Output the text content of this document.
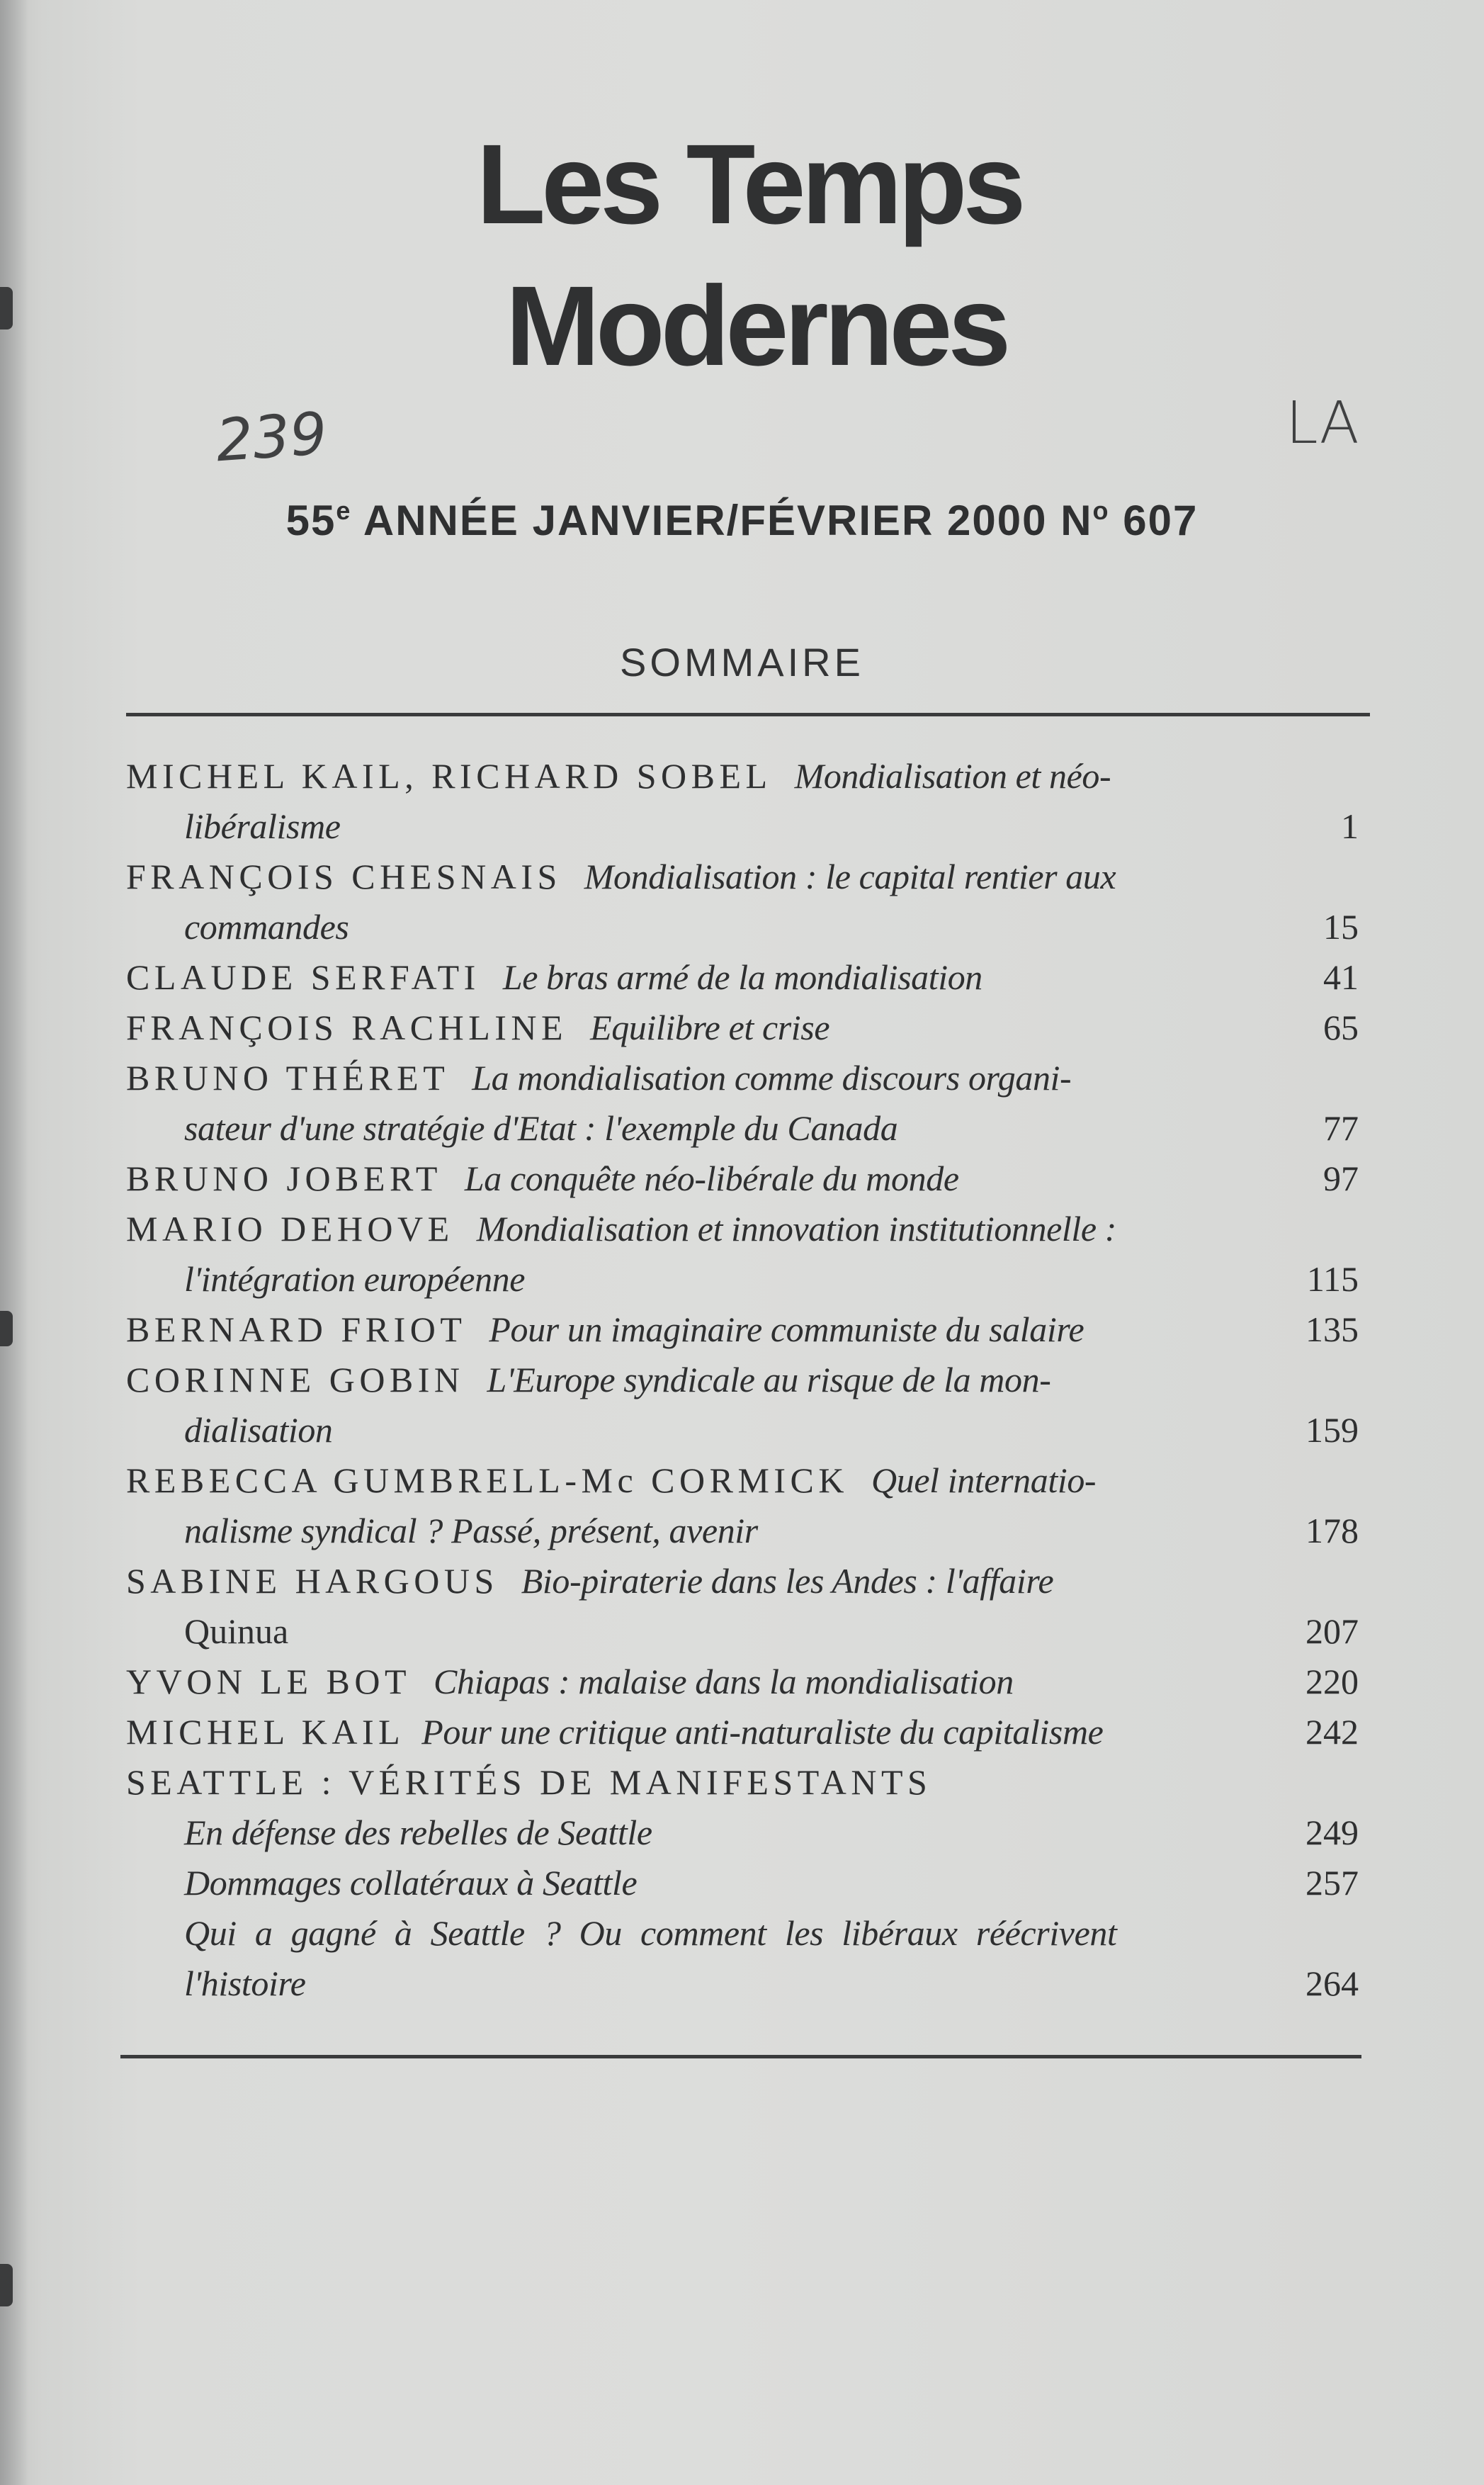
Les Temps
Modernes
239	LA
55e ANNÉE JANVIER/FÉVRIER 2000 $N^o$ 607
SOMMAIRE
MICHEL KAIL, RICHARD SOBEL Mondialisation et néo-
libéralisme	1
FRANÇOIS CHESNAIS Mondialisation : le capital rentier aux
commandes	15
CLAUDE SERFATI Le bras armé de la mondialisation	41
FRANÇOIS RACHLINE Equilibre et crise	65
BRUNO THÉRET La mondialisation comme discours organi-
sateur d'une stratégie d'Etat : l'exemple du Canada	77
BRUNO JOBERT La conquête néo-libérale du monde	97
MARIO DEHOVE Mondialisation et innovation institutionnelle :
l'intégration européenne	115
BERNARD FRIOT Pour un imaginaire communiste du salaire	135
CORINNE GOBIN L'Europe syndicale au risque de la mon-
dialisation	159
REBECCA GUMBRELL-Mc CORMICK Quel internatio-
nalisme syndical ? Passé, présent, avenir	178
SABINE HARGOUS Bio-piraterie dans les Andes : l'affaire
Quinua	207
YVON LE BOT Chiapas : malaise dans la mondialisation	220
MICHEL KAIL Pour une critique anti-naturaliste du capitalisme	242
SEATTLE : VÉRITÉS DE MANIFESTANTS
En défense des rebelles de Seattle	249
Dommages collatéraux à Seattle	257
Qui a gagné à Seattle ? Ou comment les libéraux réécrivent
l'histoire	264
